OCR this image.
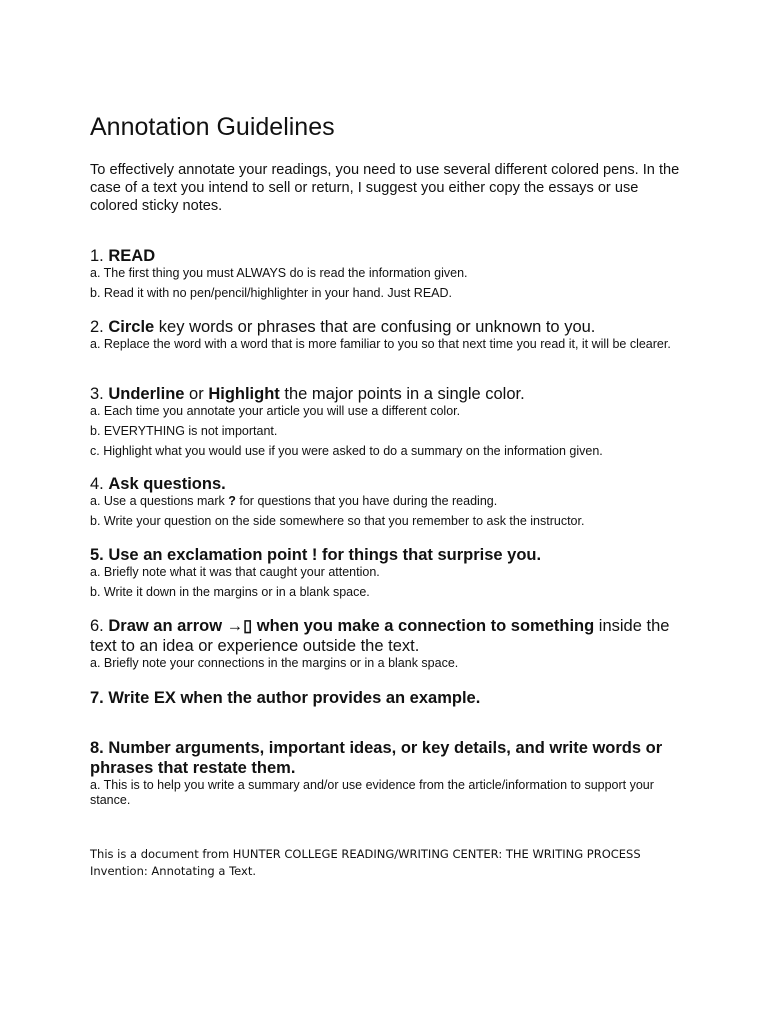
Annotation Guidelines

To effectively annotate your readings, you need to use several different colored pens. In the case of a text you intend to sell or return, I suggest you either copy the essays or use colored sticky notes.

1. READ

a. The first thing you must ALWAYS do is read the information given.

b. Read it with no pen/pencil/highlighter in your hand. Just READ.

2. Circle key words or phrases that are confusing or unknown to you.

a. Replace the word with a word that is more familiar to you so that next time you read it, it will be clearer.

3. Underline or Highlight the major points in a single color.

a. Each time you annotate your article you will use a different color.

b. EVERYTHING is not important.

c. Highlight what you would use if you were asked to do a summary on the information given.

4. Ask questions.

a. Use a questions mark ? for questions that you have during the reading.

b. Write your question on the side somewhere so that you remember to ask the instructor.

5. Use an exclamation point ! for things that surprise you.

a. Briefly note what it was that caught your attention.

b. Write it down in the margins or in a blank space.

6. Draw an arrow →▯ when you make a connection to something inside the text to an idea or experience outside the text.

a. Briefly note your connections in the margins or in a blank space.

7. Write EX when the author provides an example.

8. Number arguments, important ideas, or key details, and write words or phrases that restate them.

a. This is to help you write a summary and/or use evidence from the article/information to support your stance.

This is a document from HUNTER COLLEGE READING/WRITING CENTER: THE WRITING PROCESS
Invention: Annotating a Text.
